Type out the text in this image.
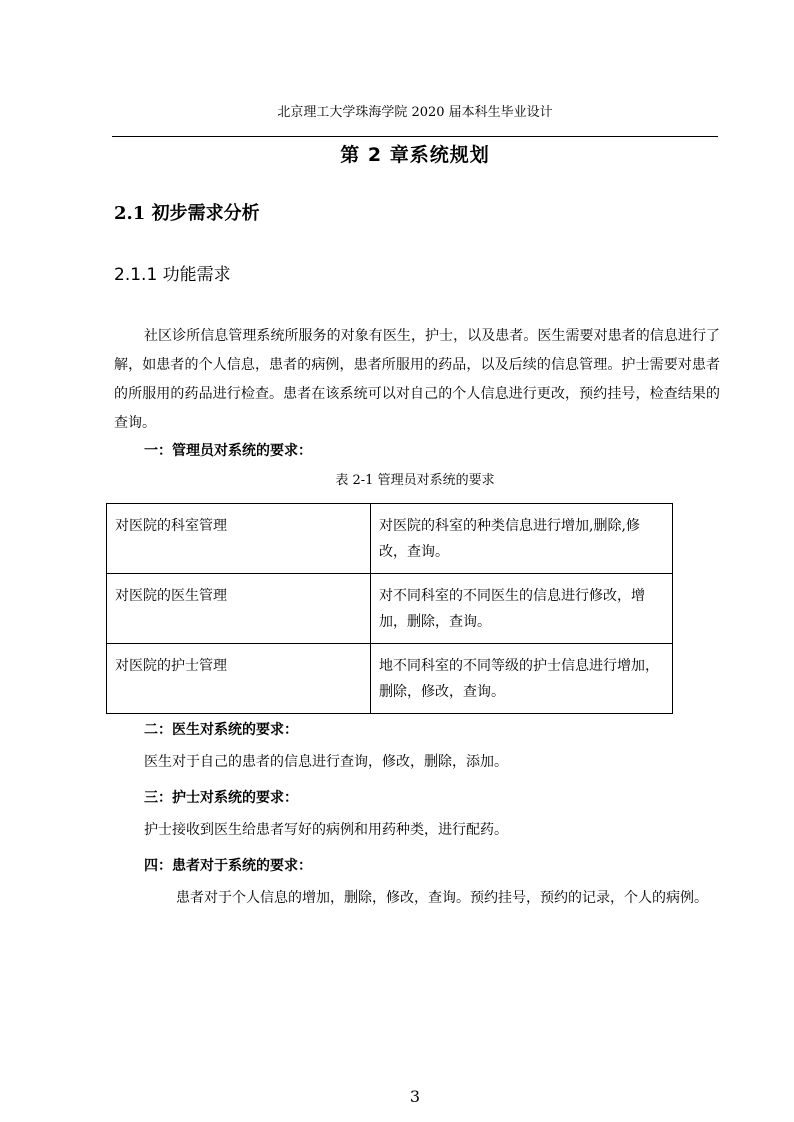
北京理工大学珠海学院 2020 届本科生毕业设计
第 2 章系统规划
2.1 初步需求分析
2.1.1 功能需求
社区诊所信息管理系统所服务的对象有医生，护士，以及患者。医生需要对患者的信息进行了解，如患者的个人信息，患者的病例，患者所服用的药品，以及后续的信息管理。护士需要对患者的所服用的药品进行检查。患者在该系统可以对自己的个人信息进行更改，预约挂号，检查结果的查询。
一：管理员对系统的要求：
表 2-1 管理员对系统的要求
对医院的科室管理	对医院的科室的种类信息进行增加,删除,修改，查询。
对医院的医生管理	对不同科室的不同医生的信息进行修改，增加，删除，查询。
对医院的护士管理	地不同科室的不同等级的护士信息进行增加，删除，修改，查询。
二：医生对系统的要求：
医生对于自己的患者的信息进行查询，修改，删除，添加。
三：护士对系统的要求：
护士接收到医生给患者写好的病例和用药种类，进行配药。
四：患者对于系统的要求：
患者对于个人信息的增加，删除，修改，查询。预约挂号，预约的记录，个人的病例。
3
